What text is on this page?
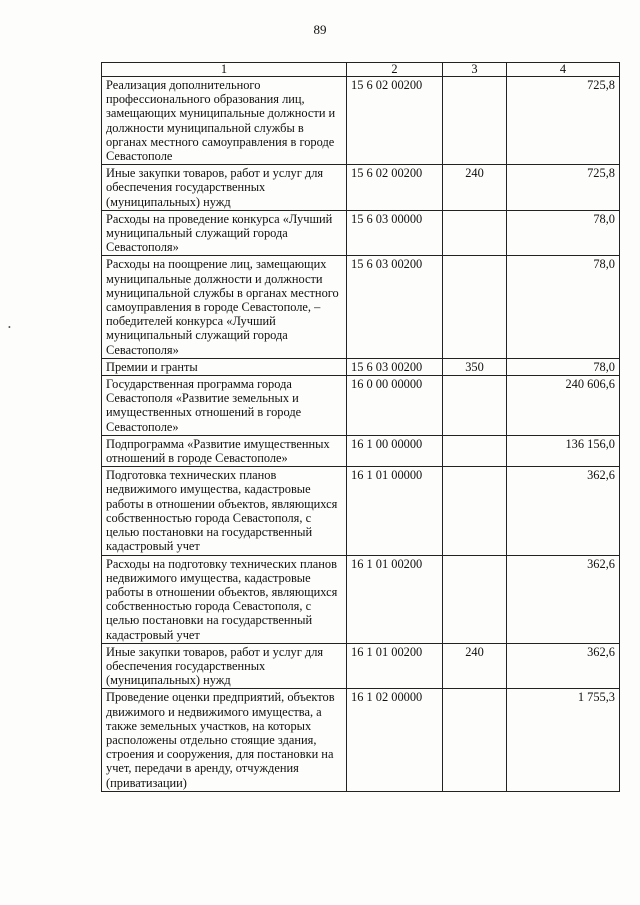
89
1	2	3	4
Реализация дополнительного профессионального образования лиц, замещающих муниципальные должности и должности муниципальной службы в органах местного самоуправления в городе Севастополе	15 6 02 00200		725,8
Иные закупки товаров, работ и услуг для обеспечения государственных (муниципальных) нужд	15 6 02 00200	240	725,8
Расходы на проведение конкурса «Лучший муниципальный служащий города Севастополя»	15 6 03 00000		78,0
Расходы на поощрение лиц, замещающих муниципальные должности и должности муниципальной службы в органах местного самоуправления в городе Севастополе, – победителей конкурса «Лучший муниципальный служащий города Севастополя»	15 6 03 00200		78,0
Премии и гранты	15 6 03 00200	350	78,0
Государственная программа города Севастополя «Развитие земельных и имущественных отношений в городе Севастополе»	16 0 00 00000		240 606,6
Подпрограмма «Развитие имущественных отношений в городе Севастополе»	16 1 00 00000		136 156,0
Подготовка технических планов недвижимого имущества, кадастровые работы в отношении объектов, являющихся собственностью города Севастополя, с целью постановки на государственный кадастровый учет	16 1 01 00000		362,6
Расходы на подготовку технических планов недвижимого имущества, кадастровые работы в отношении объектов, являющихся собственностью города Севастополя, с целью постановки на государственный кадастровый учет	16 1 01 00200		362,6
Иные закупки товаров, работ и услуг для обеспечения государственных (муниципальных) нужд	16 1 01 00200	240	362,6
Проведение оценки предприятий, объектов движимого и недвижимого имущества, а также земельных участков, на которых расположены отдельно стоящие здания, строения и сооружения, для постановки на учет, передачи в аренду, отчуждения (приватизации)	16 1 02 00000		1 755,3
•
